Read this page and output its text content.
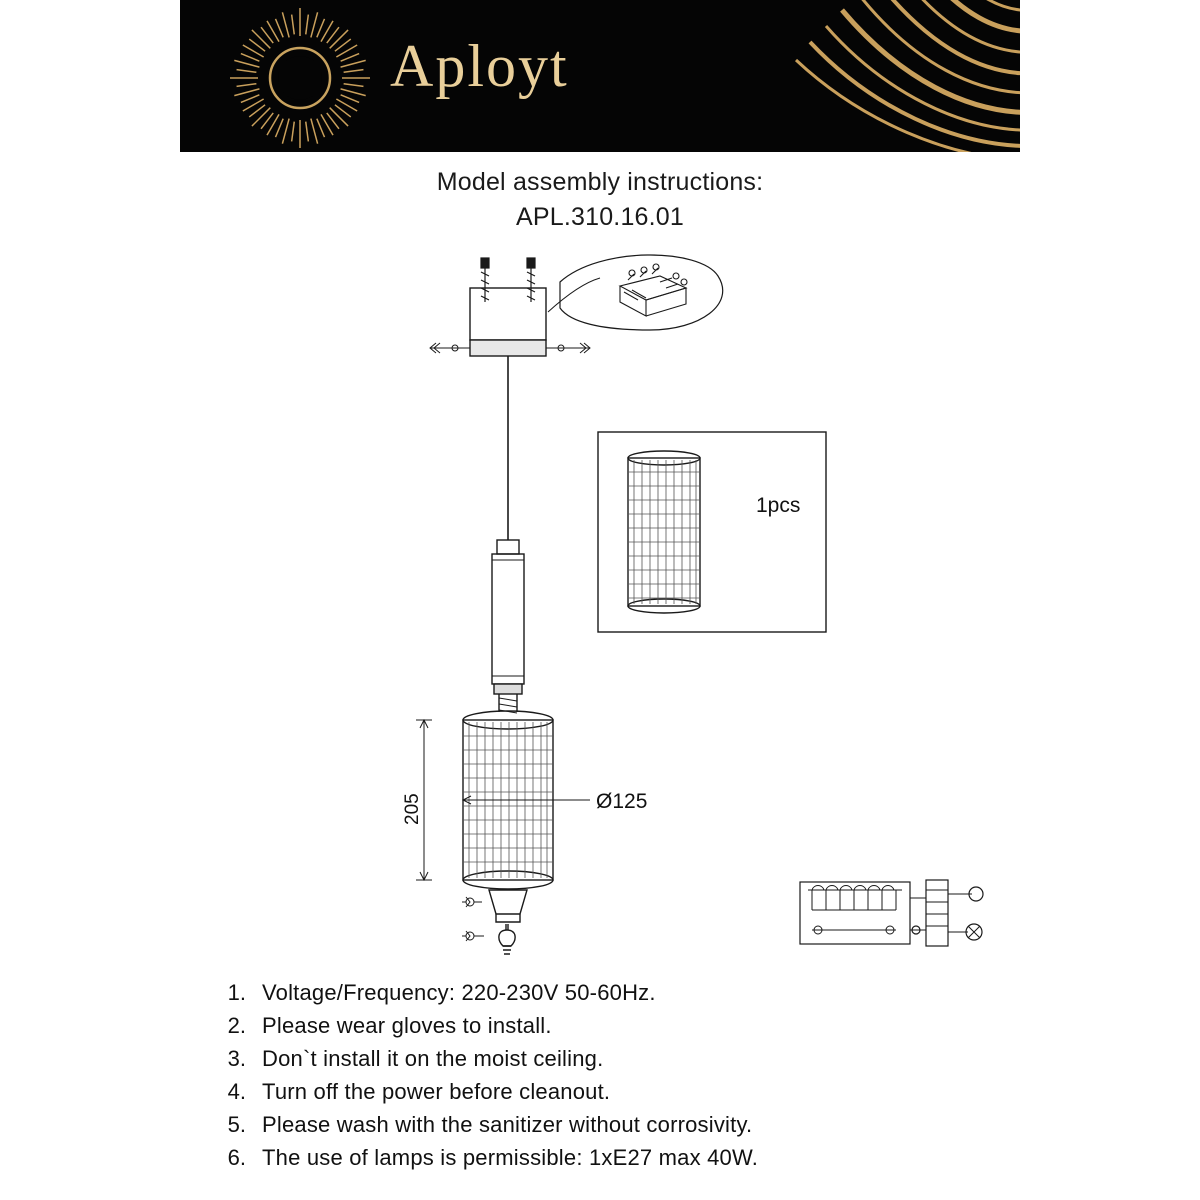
Aployt
Model assembly instructions:
APL.310.16.01
205	Ø125
1pcs
1. Voltage/Frequency: 220-230V 50-60Hz.
2. Please wear gloves to install.
3. Don`t install it on the moist ceiling.
4. Turn off the power before cleanout.
5. Please wash with the sanitizer without corrosivity.
6. The use of lamps is permissible: 1xE27 max 40W.
